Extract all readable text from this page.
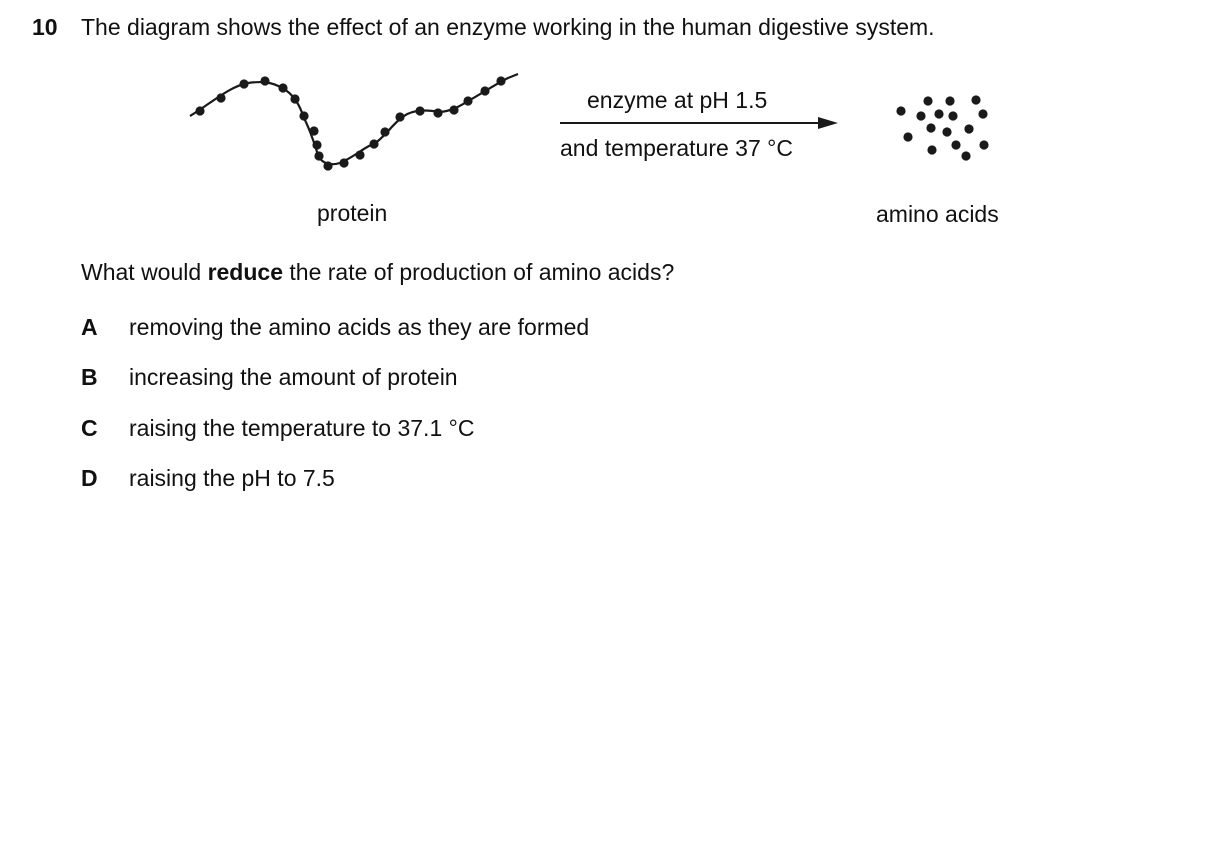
10 The diagram shows the effect of an enzyme working in the human digestive system.
enzyme at pH 1.5
and temperature 37 °C
protein	amino acids
What would reduce the rate of production of amino acids?
A removing the amino acids as they are formed
B increasing the amount of protein
C raising the temperature to 37.1 °C
D raising the pH to 7.5
